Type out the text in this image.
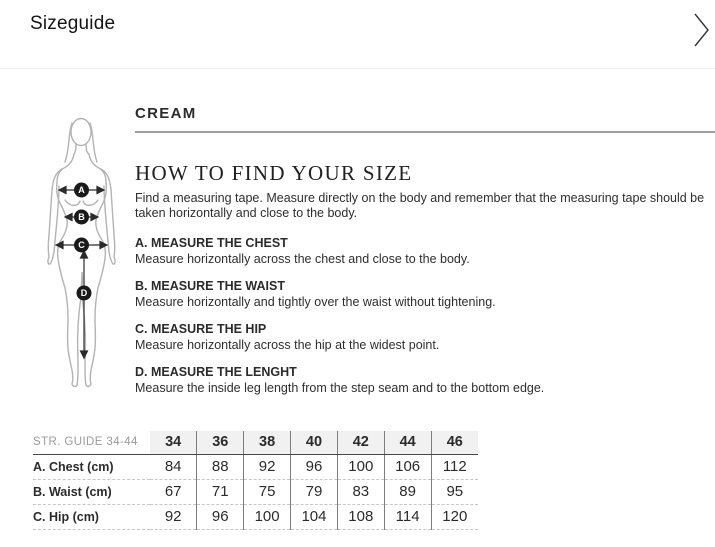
Sizeguide
A
B
C
D
CREAM
HOW TO FIND YOUR SIZE

Find a measuring tape. Measure directly on the body and remember that the measuring tape should be taken horizontally and close to the body.

A. MEASURE THE CHEST
Measure horizontally across the chest and close to the body.
B. MEASURE THE WAIST
Measure horizontally and tightly over the waist without tightening.
C. MEASURE THE HIP
Measure horizontally across the hip at the widest point.
D. MEASURE THE LENGHT
Measure the inside leg length from the step seam and to the bottom edge.
STR. GUIDE 34-44	34	36	38	40	42	44	46
A. Chest (cm)	84	88	92	96	100	106	112
B. Waist (cm)	67	71	75	79	83	89	95
C. Hip (cm)	92	96	100	104	108	114	120
